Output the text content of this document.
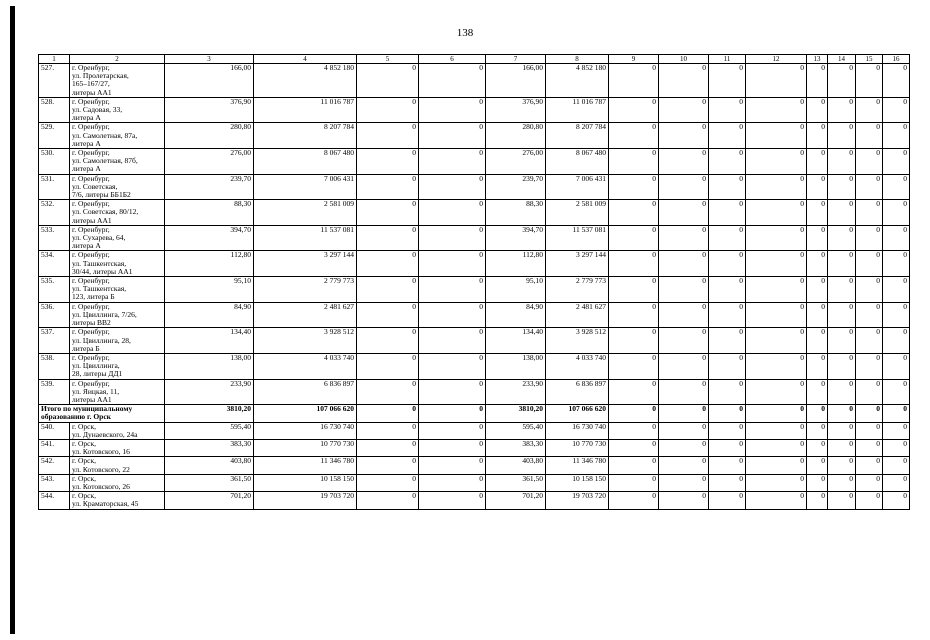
138
1	2	3	4	5	6	7	8	9	10	11	12	13	14	15	16
527.	г. Оренбург,
ул. Пролетарская,
165–167/27,
литеры АА1	166,00	4 852 180	0	0	166,00	4 852 180	0	0	0	0	0	0	0	0
528.	г. Оренбург,
ул. Садовая, 33,
литера А	376,90	11 016 787	0	0	376,90	11 016 787	0	0	0	0	0	0	0	0
529.	г. Оренбург,
ул. Самолетная, 87а,
литера А	280,80	8 207 784	0	0	280,80	8 207 784	0	0	0	0	0	0	0	0
530.	г. Оренбург,
ул. Самолетная, 87б,
литера А	276,00	8 067 480	0	0	276,00	8 067 480	0	0	0	0	0	0	0	0
531.	г. Оренбург,
ул. Советская,
7/6, литеры ББ1Б2	239,70	7 006 431	0	0	239,70	7 006 431	0	0	0	0	0	0	0	0
532.	г. Оренбург,
ул. Советская, 80/12,
литеры АА1	88,30	2 581 009	0	0	88,30	2 581 009	0	0	0	0	0	0	0	0
533.	г. Оренбург,
ул. Сухарева, 64,
литера А	394,70	11 537 081	0	0	394,70	11 537 081	0	0	0	0	0	0	0	0
534.	г. Оренбург,
ул. Ташкентская,
30/44, литеры АА1	112,80	3 297 144	0	0	112,80	3 297 144	0	0	0	0	0	0	0	0
535.	г. Оренбург,
ул. Ташкентская,
123, литера Б	95,10	2 779 773	0	0	95,10	2 779 773	0	0	0	0	0	0	0	0
536.	г. Оренбург,
ул. Цвиллинга, 7/26,
литеры ВВ2	84,90	2 481 627	0	0	84,90	2 481 627	0	0	0	0	0	0	0	0
537.	г. Оренбург,
ул. Цвиллинга, 28,
литера Б	134,40	3 928 512	0	0	134,40	3 928 512	0	0	0	0	0	0	0	0
538.	г. Оренбург,
ул. Цвиллинга,
28, литеры ДД1	138,00	4 033 740	0	0	138,00	4 033 740	0	0	0	0	0	0	0	0
539.	г. Оренбург,
ул. Яицкая, 11,
литеры АА1	233,90	6 836 897	0	0	233,90	6 836 897	0	0	0	0	0	0	0	0
Итого по муниципальному образованию г. Орск		3810,20	107 066 620	0	0	3810,20	107 066 620	0	0	0	0	0	0	0	0
540.	г. Орск,
ул. Дунаевского, 24а	595,40	16 730 740	0	0	595,40	16 730 740	0	0	0	0	0	0	0	0
541.	г. Орск,
ул. Котовского, 16	383,30	10 770 730	0	0	383,30	10 770 730	0	0	0	0	0	0	0	0
542.	г. Орск,
ул. Котовского, 22	403,80	11 346 780	0	0	403,80	11 346 780	0	0	0	0	0	0	0	0
543.	г. Орск,
ул. Котовского, 26	361,50	10 158 150	0	0	361,50	10 158 150	0	0	0	0	0	0	0	0
544.	г. Орск,
ул. Краматорская, 45	701,20	19 703 720	0	0	701,20	19 703 720	0	0	0	0	0	0	0	0
